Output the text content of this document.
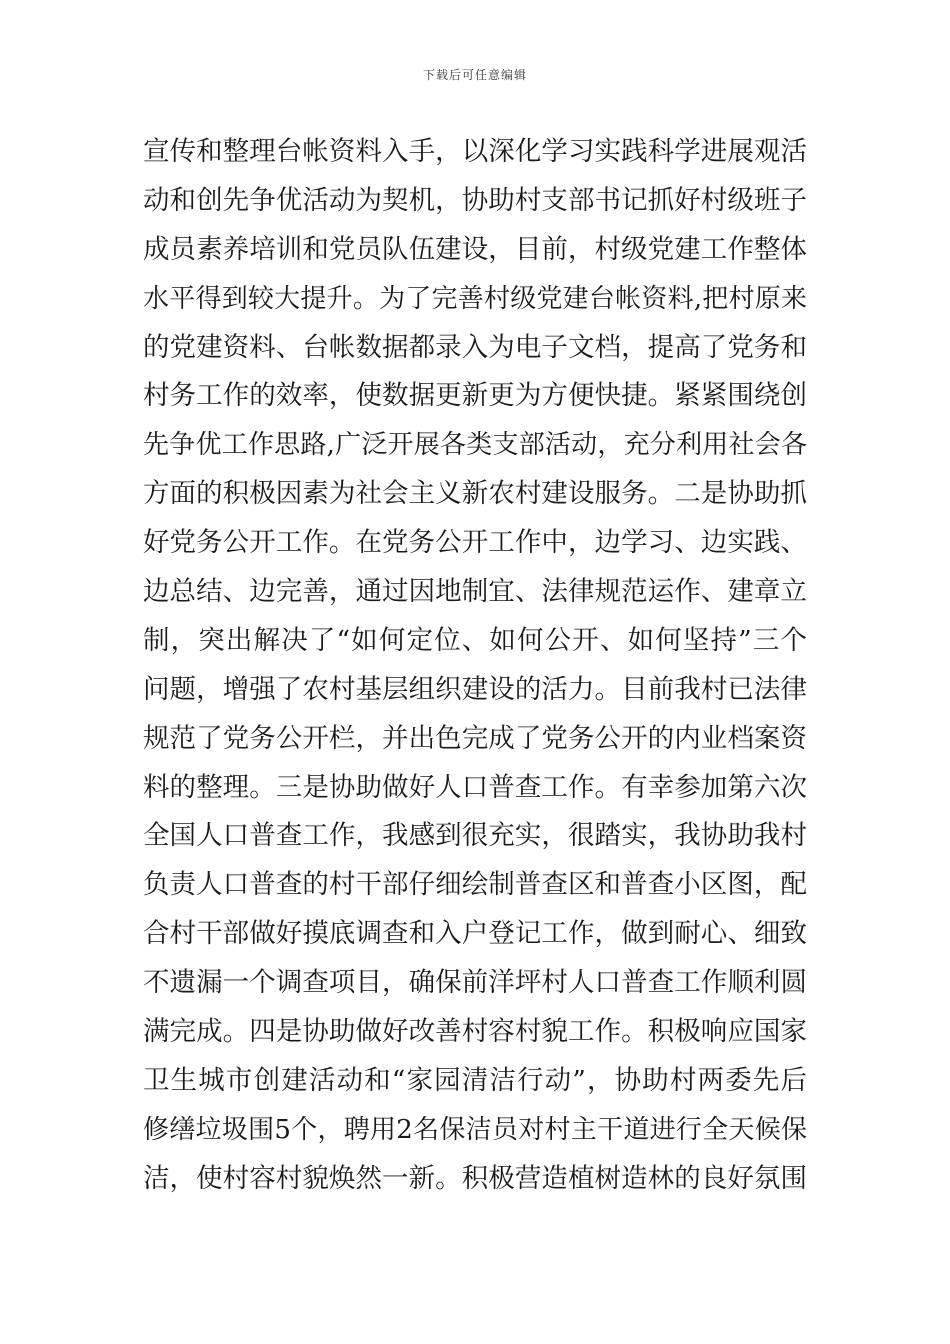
下载后可任意编辑
宣传和整理台帐资料入手，以深化学习实践科学进展观活
动和创先争优活动为契机，协助村支部书记抓好村级班子
成员素养培训和党员队伍建设，目前，村级党建工作整体
水平得到较大提升。为了完善村级党建台帐资料,把村原来
的党建资料、台帐数据都录入为电子文档，提高了党务和
村务工作的效率，使数据更新更为方便快捷。紧紧围绕创
先争优工作思路,广泛开展各类支部活动，充分利用社会各
方面的积极因素为社会主义新农村建设服务。二是协助抓
好党务公开工作。在党务公开工作中，边学习、边实践、
边总结、边完善，通过因地制宜、法律规范运作、建章立
制，突出解决了“如何定位、如何公开、如何坚持”三个
问题，增强了农村基层组织建设的活力。目前我村已法律
规范了党务公开栏，并出色完成了党务公开的内业档案资
料的整理。三是协助做好人口普查工作。有幸参加第六次
全国人口普查工作，我感到很充实，很踏实，我协助我村
负责人口普查的村干部仔细绘制普查区和普查小区图，配
合村干部做好摸底调查和入户登记工作，做到耐心、细致
不遗漏一个调查项目，确保前洋坪村人口普查工作顺利圆
满完成。四是协助做好改善村容村貌工作。积极响应国家
卫生城市创建活动和“家园清洁行动”，协助村两委先后
修缮垃圾围5个，聘用2名保洁员对村主干道进行全天候保
洁，使村容村貌焕然一新。积极营造植树造林的良好氛围
